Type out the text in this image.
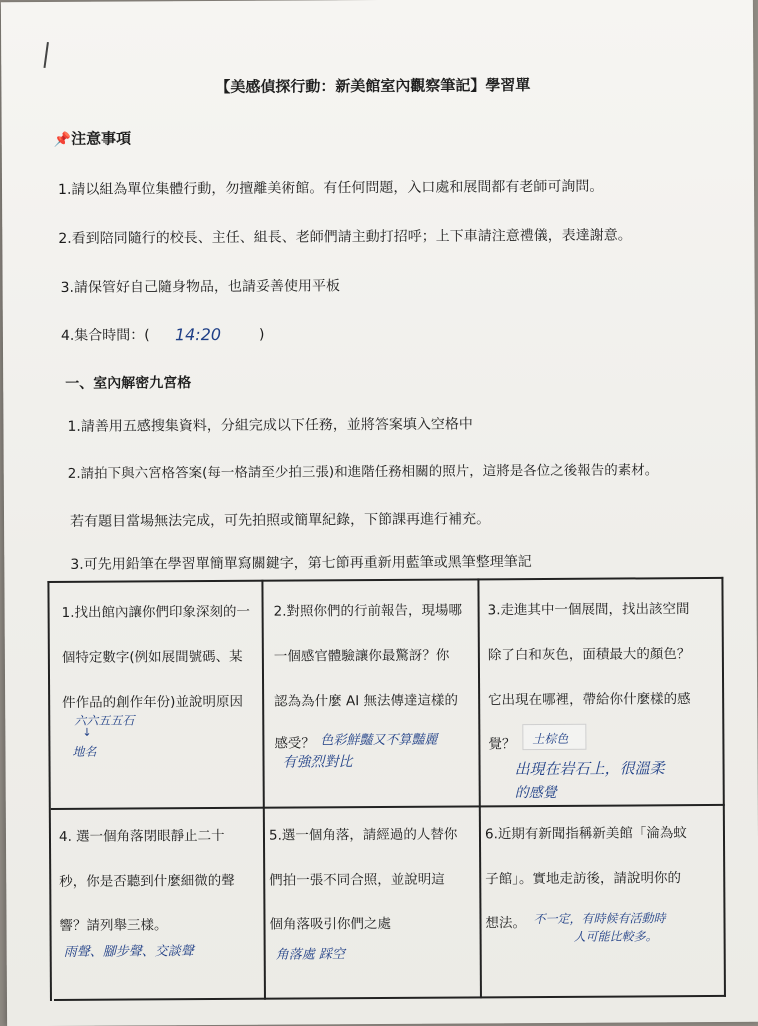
【美感偵探行動：新美館室內觀察筆記】學習單
📌注意事項
1.請以組為單位集體行動，勿擅離美術館。有任何問題，入口處和展間都有老師可詢問。
2.看到陪同隨行的校長、主任、組長、老師們請主動打招呼；上下車請注意禮儀，表達謝意。
3.請保管好自己隨身物品，也請妥善使用平板
4.集合時間：( 14:20	)
一、室內解密九宮格
1.請善用五感搜集資料，分組完成以下任務，並將答案填入空格中
2.請拍下與六宮格答案(每一格請至少拍三張)和進階任務相關的照片，這將是各位之後報告的素材。
若有題目當場無法完成，可先拍照或簡單紀錄，下節課再進行補充。
3.可先用鉛筆在學習單簡單寫關鍵字，第七節再重新用藍筆或黑筆整理筆記
1.找出館內讓你們印象深刻的一
個特定數字(例如展間號碼、某
件作品的創作年份)並說明原因
六六五五石
↓
地名
2.對照你們的行前報告，現場哪
一個感官體驗讓你最驚訝？你
認為為什麼 AI 無法傳達這樣的
感受？ 色彩鮮豔又不算豔麗
有強烈對比
3.走進其中一個展間，找出該空間
除了白和灰色，面積最大的顏色？
它出現在哪裡，帶給你什麼樣的感
覺？ 土棕色
出現在岩石上，很溫柔
的感覺
4. 選一個角落閉眼靜止二十
秒，你是否聽到什麼細微的聲
響？請列舉三樣。
雨聲、腳步聲、交談聲
5.選一個角落，請經過的人替你
們拍一張不同合照，並說明這
個角落吸引你們之處
角落處 踩空
6.近期有新聞指稱新美館「淪為蚊
子館」。實地走訪後，請說明你的
想法。 不一定，有時候有活動時
人可能比較多。
